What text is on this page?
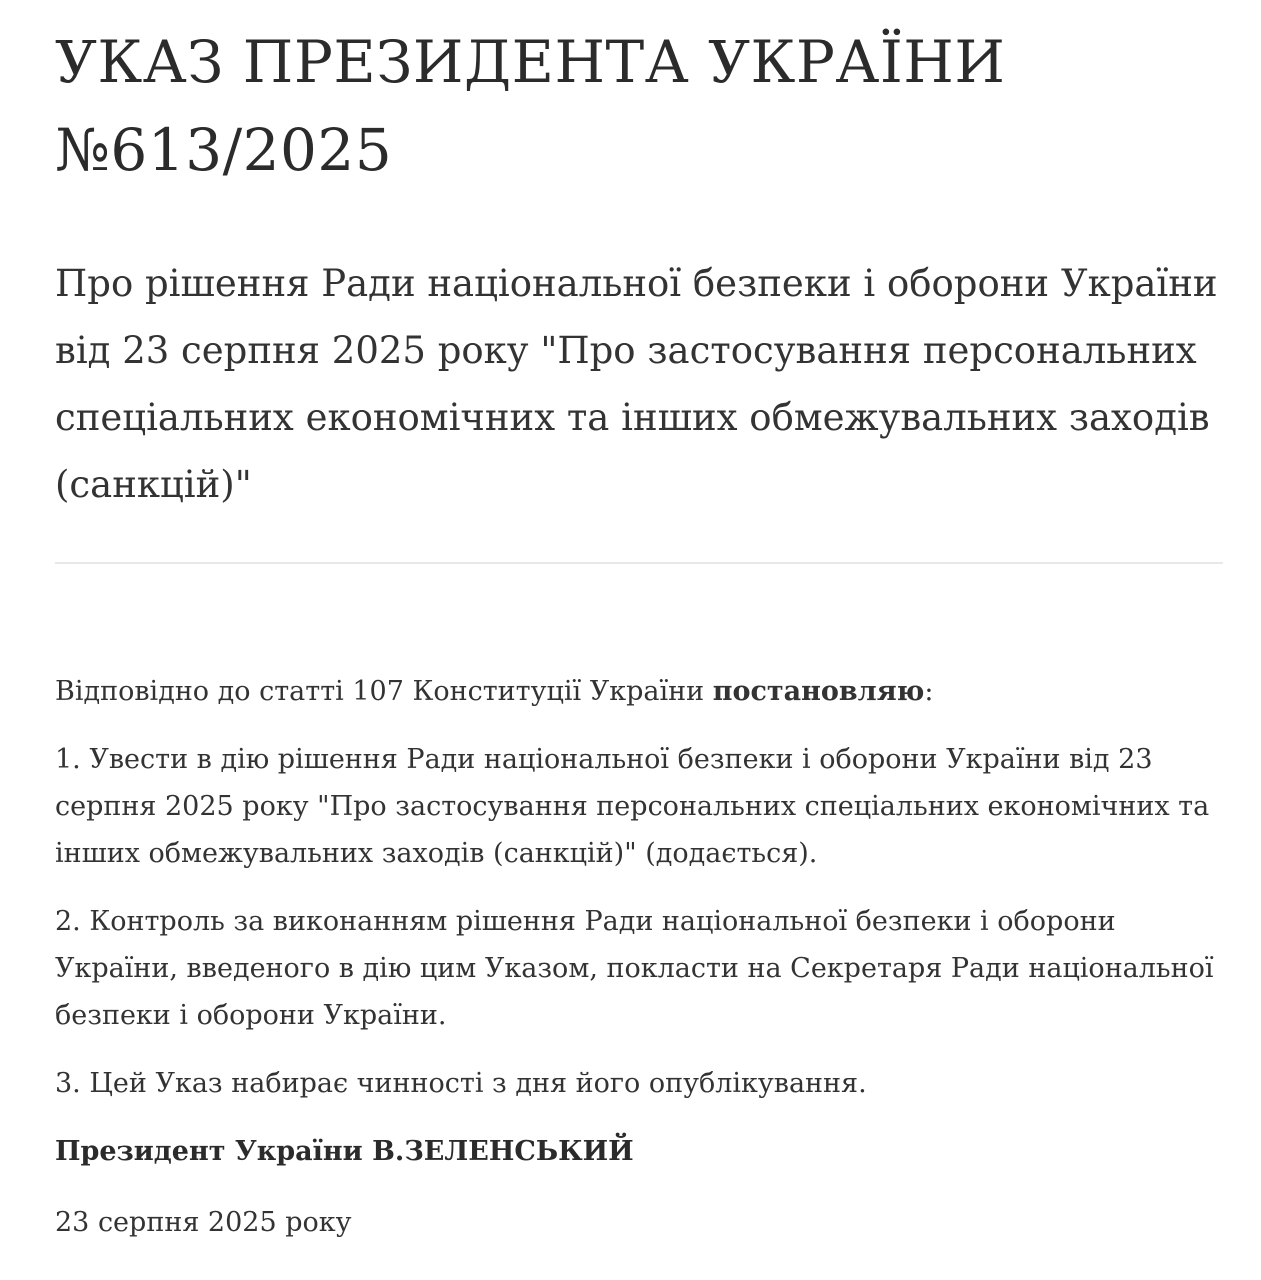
УКАЗ ПРЕЗИДЕНТА УКРАЇНИ
№613/2025
Про рішення Ради національної безпеки і оборони України від 23 серпня 2025 року "Про застосування персональних спеціальних економічних та інших обмежувальних заходів (санкцій)"

Відповідно до статті 107 Конституції України постановляю:

1. Увести в дію рішення Ради національної безпеки і оборони України від 23 серпня 2025 року "Про застосування персональних спеціальних економічних та інших обмежувальних заходів (санкцій)" (додається).

2. Контроль за виконанням рішення Ради національної безпеки і оборони України, введеного в дію цим Указом, покласти на Секретаря Ради національної безпеки і оборони України.

3. Цей Указ набирає чинності з дня його опублікування.

Президент України В.ЗЕЛЕНСЬКИЙ

23 серпня 2025 року
